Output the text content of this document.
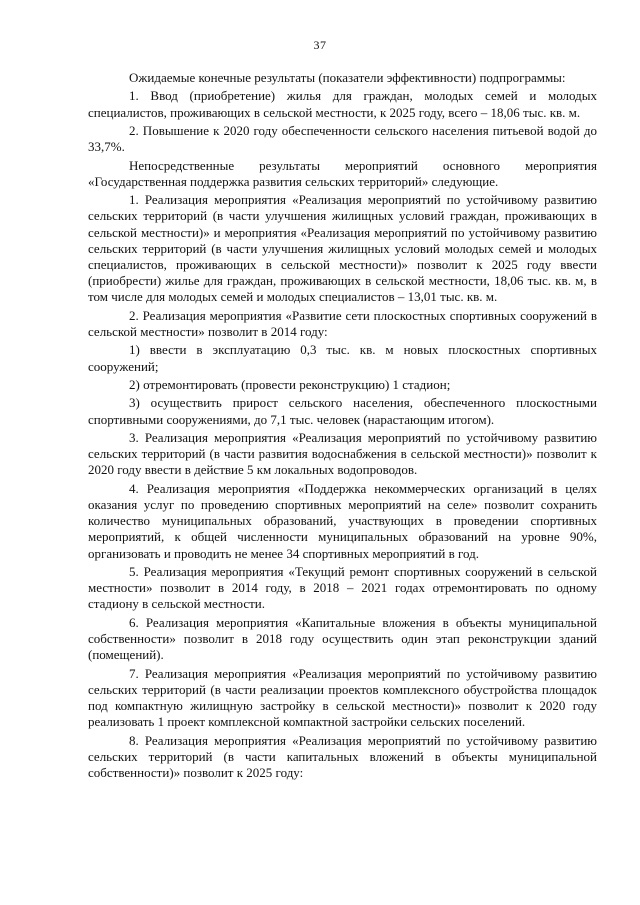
37

Ожидаемые конечные результаты (показатели эффективности) подпрограммы:

1. Ввод (приобретение) жилья для граждан, молодых семей и молодых специалистов, проживающих в сельской местности, к 2025 году, всего – 18,06 тыс. кв. м.

2. Повышение к 2020 году обеспеченности сельского населения питьевой водой до 33,7%.

Непосредственные результаты мероприятий основного мероприятия «Государственная поддержка развития сельских территорий» следующие.

1. Реализация мероприятия «Реализация мероприятий по устойчивому развитию сельских территорий (в части улучшения жилищных условий граждан, проживающих в сельской местности)» и мероприятия «Реализация мероприятий по устойчивому развитию сельских территорий (в части улучшения жилищных условий молодых семей и молодых специалистов, проживающих в сельской местности)» позволит к 2025 году ввести (приобрести) жилье для граждан, проживающих в сельской местности, 18,06 тыс. кв. м, в том числе для молодых семей и молодых специалистов – 13,01 тыс. кв. м.

2. Реализация мероприятия «Развитие сети плоскостных спортивных сооружений в сельской местности» позволит в 2014 году:

1) ввести в эксплуатацию 0,3 тыс. кв. м новых плоскостных спортивных сооружений;

2) отремонтировать (провести реконструкцию) 1 стадион;

3) осуществить прирост сельского населения, обеспеченного плоскостными спортивными сооружениями, до 7,1 тыс. человек (нарастающим итогом).

3. Реализация мероприятия «Реализация мероприятий по устойчивому развитию сельских территорий (в части развития водоснабжения в сельской местности)» позволит к 2020 году ввести в действие 5 км локальных водопроводов.

4. Реализация мероприятия «Поддержка некоммерческих организаций в целях оказания услуг по проведению спортивных мероприятий на селе» позволит сохранить количество муниципальных образований, участвующих в проведении спортивных мероприятий, к общей численности муниципальных образований на уровне 90%, организовать и проводить не менее 34 спортивных мероприятий в год.

5. Реализация мероприятия «Текущий ремонт спортивных сооружений в сельской местности» позволит в 2014 году, в 2018 – 2021 годах отремонтировать по одному стадиону в сельской местности.

6. Реализация мероприятия «Капитальные вложения в объекты муниципальной собственности» позволит в 2018 году осуществить один этап реконструкции зданий (помещений).

7. Реализация мероприятия «Реализация мероприятий по устойчивому развитию сельских территорий (в части реализации проектов комплексного обустройства площадок под компактную жилищную застройку в сельской местности)» позволит к 2020 году реализовать 1 проект комплексной компактной застройки сельских поселений.

8. Реализация мероприятия «Реализация мероприятий по устойчивому развитию сельских территорий (в части капитальных вложений в объекты муниципальной собственности)» позволит к 2025 году:
